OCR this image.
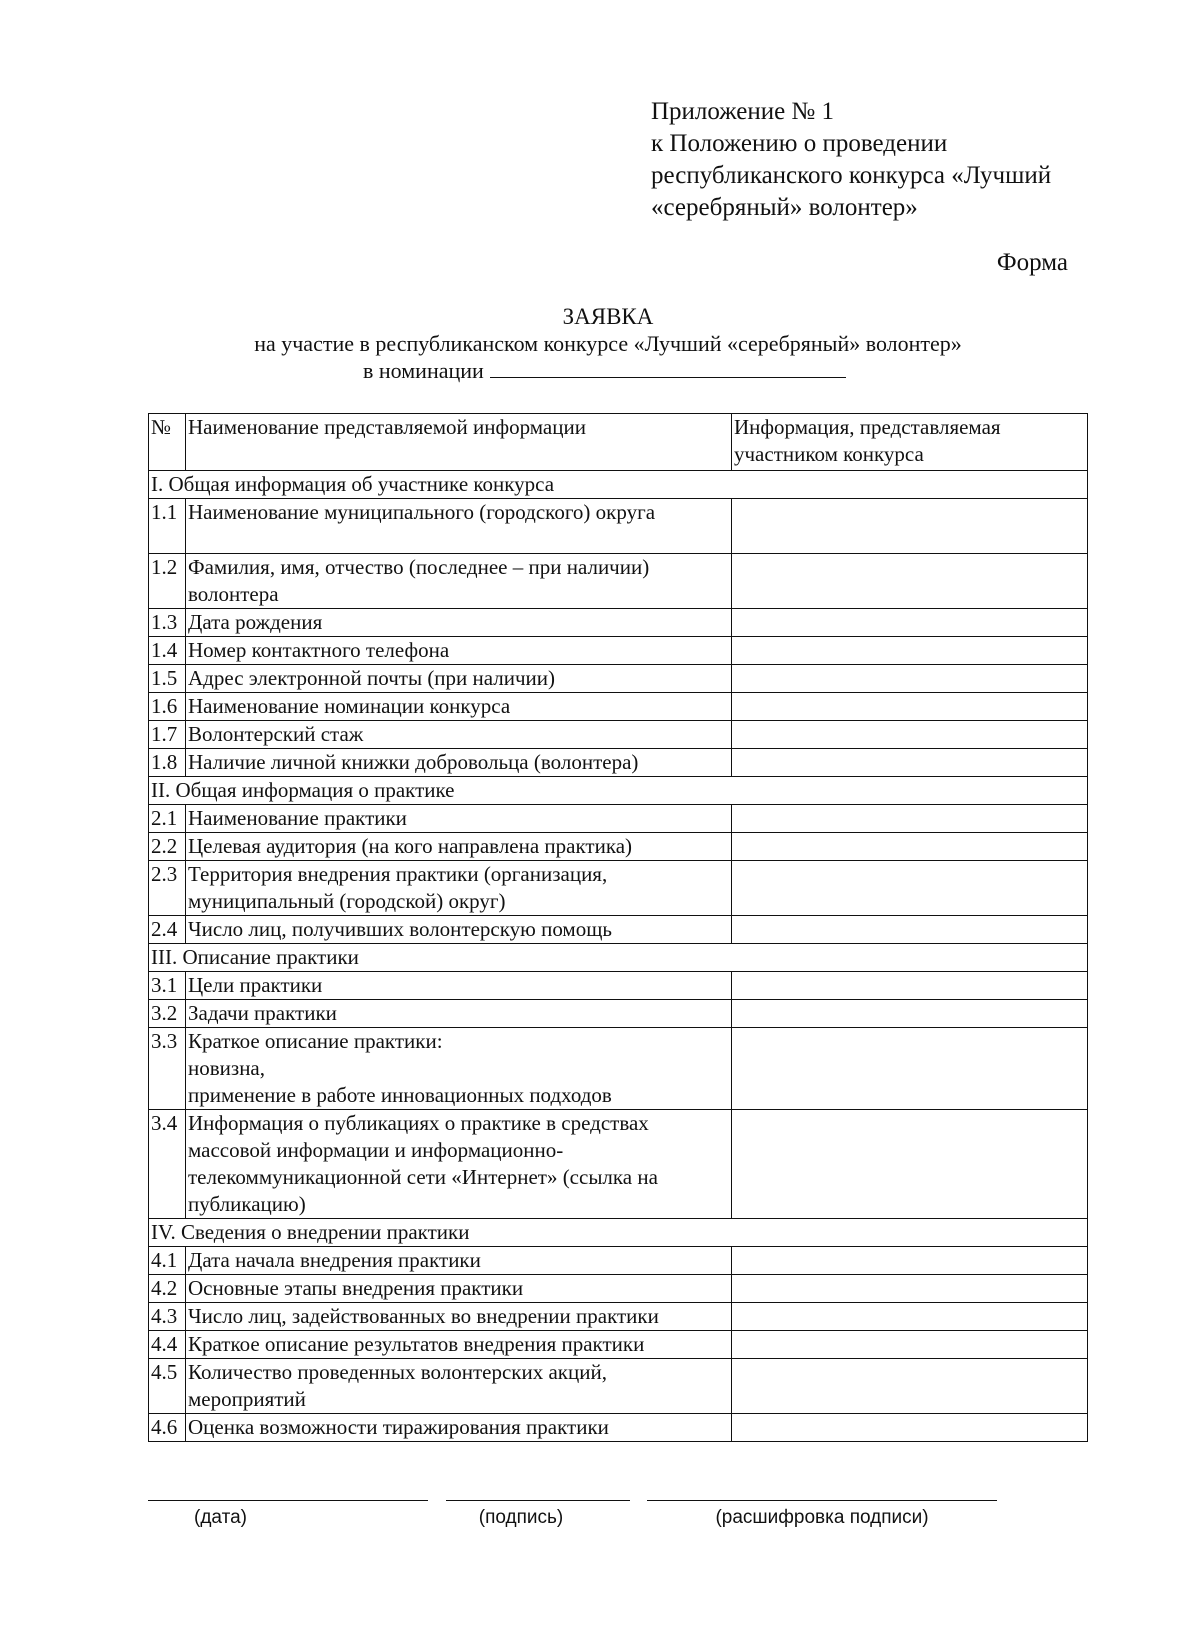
Приложение № 1
к Положению о проведении
республиканского конкурса «Лучший
«серебряный» волонтер»
Форма
ЗАЯВКА
на участие в республиканском конкурсе «Лучший «серебряный» волонтер»
в номинации
№	Наименование представляемой информации	Информация, представляемая участником конкурса
I. Общая информация об участнике конкурса		
1.1	Наименование муниципального (городского) округа	
1.2	Фамилия, имя, отчество (последнее – при наличии) волонтера	
1.3	Дата рождения	
1.4	Номер контактного телефона	
1.5	Адрес электронной почты (при наличии)	
1.6	Наименование номинации конкурса	
1.7	Волонтерский стаж	
1.8	Наличие личной книжки добровольца (волонтера)	
II. Общая информация о практике		
2.1	Наименование практики	
2.2	Целевая аудитория (на кого направлена практика)	
2.3	Территория внедрения практики (организация, муниципальный (городской) округ)	
2.4	Число лиц, получивших волонтерскую помощь	
III. Описание практики		
3.1	Цели практики	
3.2	Задачи практики	
3.3	Краткое описание практики:
новизна,
применение в работе инновационных подходов	
3.4	Информация о публикациях о практике в средствах массовой информации и информационно-телекоммуникационной сети «Интернет» (ссылка на публикацию)	
IV. Сведения о внедрении практики		
4.1	Дата начала внедрения практики	
4.2	Основные этапы внедрения практики	
4.3	Число лиц, задействованных во внедрении практики	
4.4	Краткое описание результатов внедрения практики	
4.5	Количество проведенных волонтерских акций, мероприятий	
4.6	Оценка возможности тиражирования практики	
(дата)	(подпись)	(расшифровка подписи)
